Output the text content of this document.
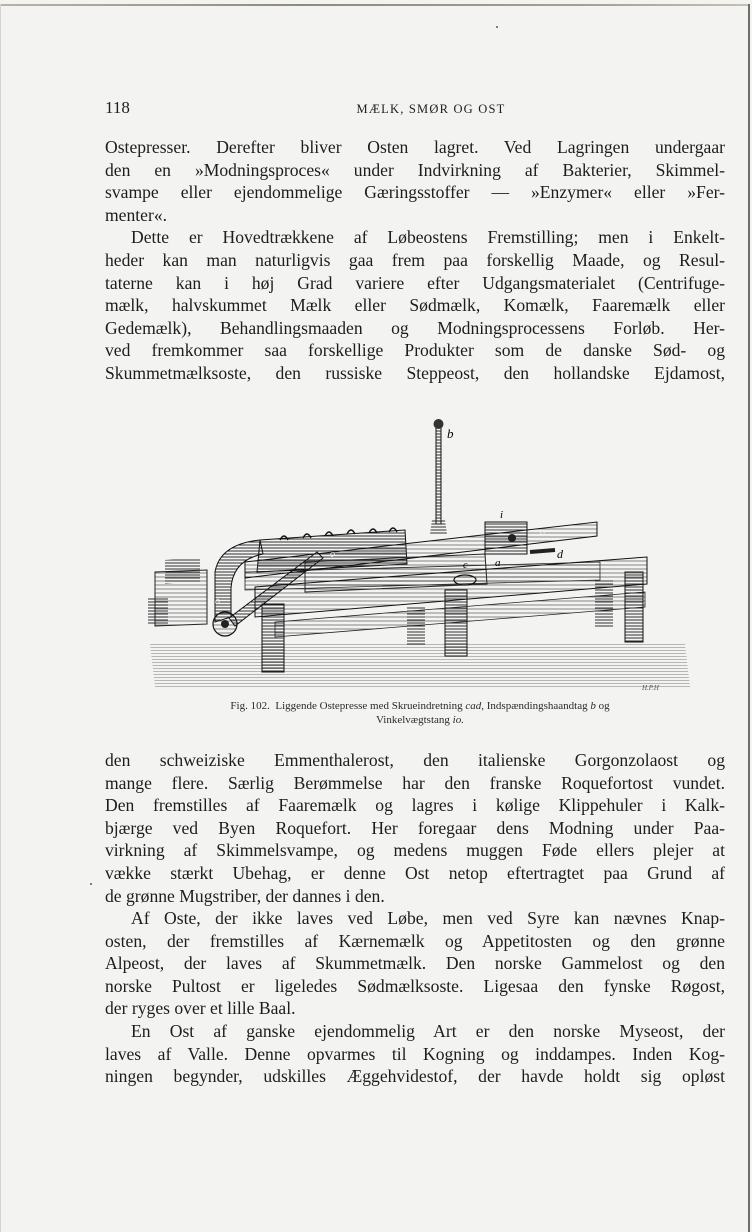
118	MÆLK, SMØR OG OST
Ostepresser. Derefter bliver Osten lagret. Ved Lagringen undergaar
den en »Modningsproces« under Indvirkning af Bakterier, Skimmel-
svampe eller ejendommelige Gæringsstoffer — »Enzymer« eller »Fer-
menter«.
Dette er Hovedtrækkene af Løbeostens Fremstilling; men i Enkelt-
heder kan man naturligvis gaa frem paa forskellig Maade, og Resul-
taterne kan i høj Grad variere efter Udgangsmaterialet (Centrifuge-
mælk, halvskummet Mælk eller Sødmælk, Komælk, Faaremælk eller
Gedemælk), Behandlingsmaaden og Modningsprocessens Forløb. Her-
ved fremkommer saa forskellige Produkter som de danske Sød- og
Skummetmælksoste, den russiske Steppeost, den hollandske Ejdamost,
b
o
o
i
d
a
c
o
H.P.H
Fig. 102. Liggende Ostepresse med Skrueindretning cad, Indspændingshaandtag b og
Vinkelvægtstang io.
den schweiziske Emmenthalerost, den italienske Gorgonzolaost og
mange flere. Særlig Berømmelse har den franske Roquefortost vundet.
Den fremstilles af Faaremælk og lagres i kølige Klippehuler i Kalk-
bjærge ved Byen Roquefort. Her foregaar dens Modning under Paa-
virkning af Skimmelsvampe, og medens muggen Føde ellers plejer at
vække stærkt Ubehag, er denne Ost netop eftertragtet paa Grund af
de grønne Mugstriber, der dannes i den.
Af Oste, der ikke laves ved Løbe, men ved Syre kan nævnes Knap-
osten, der fremstilles af Kærnemælk og Appetitosten og den grønne
Alpeost, der laves af Skummetmælk. Den norske Gammelost og den
norske Pultost er ligeledes Sødmælksoste. Ligesaa den fynske Røgost,
der ryges over et lille Baal.
En Ost af ganske ejendommelig Art er den norske Myseost, der
laves af Valle. Denne opvarmes til Kogning og inddampes. Inden Kog-
ningen begynder, udskilles Æggehvidestof, der havde holdt sig opløst
